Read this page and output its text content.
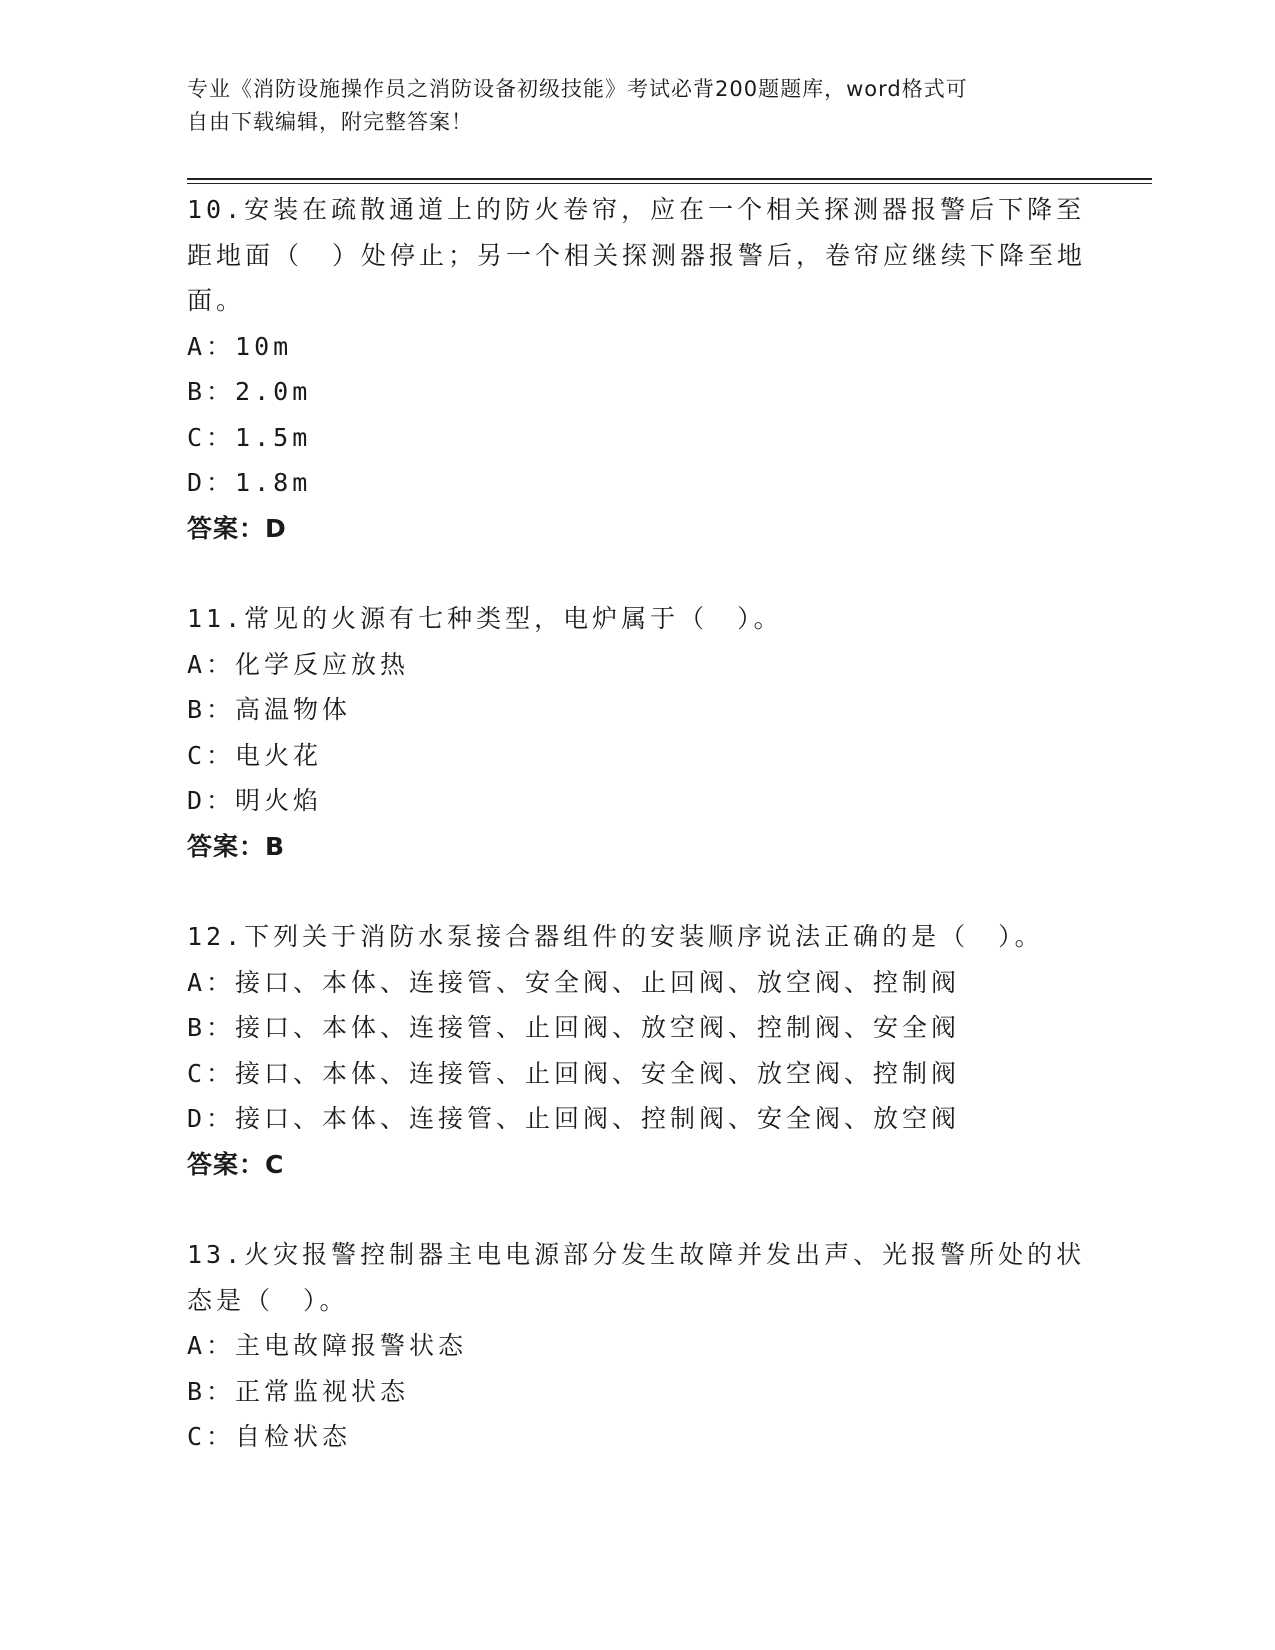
专业《消防设施操作员之消防设备初级技能》考试必背200题题库，word格式可
自由下载编辑，附完整答案！
10.安装在疏散通道上的防火卷帘，应在一个相关探测器报警后下降至距地面（　）处停止；另一个相关探测器报警后，卷帘应继续下降至地面。
A：10m
B：2.0m
C：1.5m
D：1.8m
答案：D
11.常见的火源有七种类型，电炉属于（　）。
A：化学反应放热
B：高温物体
C：电火花
D：明火焰
答案：B
12.下列关于消防水泵接合器组件的安装顺序说法正确的是（　）。
A：接口、本体、连接管、安全阀、止回阀、放空阀、控制阀
B：接口、本体、连接管、止回阀、放空阀、控制阀、安全阀
C：接口、本体、连接管、止回阀、安全阀、放空阀、控制阀
D：接口、本体、连接管、止回阀、控制阀、安全阀、放空阀
答案：C
13.火灾报警控制器主电电源部分发生故障并发出声、光报警所处的状态是（　）。
A：主电故障报警状态
B：正常监视状态
C：自检状态
